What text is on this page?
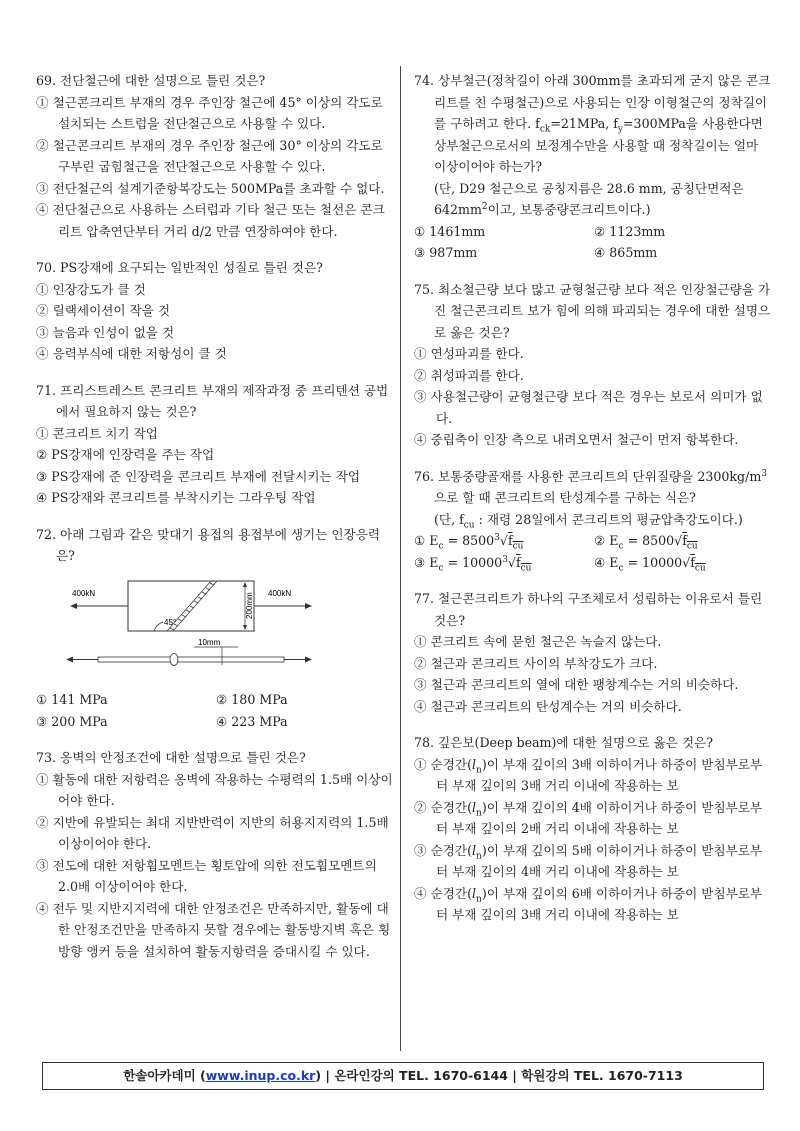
69. 전단철근에 대한 설명으로 틀린 것은?
① 철근콘크리트 부재의 경우 주인장 철근에 45° 이상의 각도로 설치되는 스트럽을 전단철근으로 사용할 수 있다.
② 철근콘크리트 부재의 경우 주인장 철근에 30° 이상의 각도로 구부린 굽힘철근을 전단철근으로 사용할 수 있다.
③ 전단철근의 설계기준항복강도는 500MPa를 초과할 수 없다.
④ 전단철근으로 사용하는 스터럽과 기타 철근 또는 철선은 콘크리트 압축연단부터 거리 d/2 만큼 연장하여야 한다.
70. PS강재에 요구되는 일반적인 성질로 틀린 것은?
① 인장강도가 클 것
② 릴랙세이션이 작을 것
③ 늘음과 인성이 없을 것
④ 응력부식에 대한 저항성이 클 것
71. 프리스트레스트 콘크리트 부재의 제작과정 중 프리텐션 공법에서 필요하지 않는 것은?
① 콘크리트 치기 작업
② PS강재에 인장력을 주는 작업
③ PS강재에 준 인장력을 콘크리트 부재에 전달시키는 작업
④ PS강재와 콘크리트를 부착시키는 그라우팅 작업
72. 아래 그림과 같은 맞대기 용접의 용접부에 생기는 인장응력은?
45°
400kN	400kN
200mm
10mm
① 141 MPa	② 180 MPa
③ 200 MPa	④ 223 MPa
73. 옹벽의 안정조건에 대한 설명으로 틀린 것은?
① 활동에 대한 저항력은 옹벽에 작용하는 수평력의 1.5배 이상이어야 한다.
② 지반에 유발되는 최대 지반반력이 지반의 허용지지력의 1.5배 이상이어야 한다.
③ 전도에 대한 저항휨모멘트는 횡토압에 의한 전도휨모멘트의 2.0배 이상이어야 한다.
④ 전두 및 지반지지력에 대한 안정조건은 만족하지만, 활동에 대한 안정조건만을 만족하지 못할 경우에는 활동방지벽 혹은 횡방향 앵커 등을 설치하여 활동지항력을 증대시킬 수 있다.
74. 상부철근(정착길이 아래 300mm를 초과되게 굳지 않은 콘크리트를 친 수평철근)으로 사용되는 인장 이형철근의 정착길이를 구하려고 한다. $f_{ck}=21MPa$, $f_y=300MPa$을 사용한다면 상부철근으로서의 보정계수만을 사용할 때 정착길이는 얼마 이상이어야 하는가?
(단, D29 철근으로 공칭지름은 28.6 mm, 공칭단면적은 $642mm^2$이고, 보통중량콘크리트이다.)
① 1461mm	② 1123mm
③ 987mm	④ 865mm
75. 최소철근량 보다 많고 균형철근량 보다 적은 인장철근량을 가진 철근콘크리트 보가 힘에 의해 파괴되는 경우에 대한 설명으로 옳은 것은?
① 연성파괴를 한다.
② 취성파괴를 한다.
③ 사용철근량이 균형철근량 보다 적은 경우는 보로서 의미가 없다.
④ 중립축이 인장 측으로 내려오면서 철근이 먼저 항복한다.
76. 보통중량골재를 사용한 콘크리트의 단위질량을 $2300kg/m^3$으로 할 때 콘크리트의 탄성계수를 구하는 식은?
(단, $f_{cu}$ : 재령 28일에서 콘크리트의 평균압축강도이다.)
① $E_c = 8500^3√f_{cu}$	② $E_c = 8500√f_{cu}$
③ $E_c = 10000^3√f_{cu}$	④ $E_c = 10000√f_{cu}$
77. 철근콘크리트가 하나의 구조체로서 성립하는 이유로서 틀린 것은?
① 콘크리트 속에 묻힌 철근은 녹슬지 않는다.
② 철근과 콘크리트 사이의 부착강도가 크다.
③ 철근과 콘크리트의 열에 대한 팽창계수는 거의 비슷하다.
④ 철근과 콘크리트의 탄성계수는 거의 비슷하다.
78. 깊은보(Deep beam)에 대한 설명으로 옳은 것은?
① 순경간$(l_n)$이 부재 깊이의 3배 이하이거나 하중이 받침부로부터 부재 깊이의 3배 거리 이내에 작용하는 보
② 순경간$(l_n)$이 부재 깊이의 4배 이하이거나 하중이 받침부로부터 부재 깊이의 2배 거리 이내에 작용하는 보
③ 순경간$(l_n)$이 부재 깊이의 5배 이하이거나 하중이 받침부로부터 부재 깊이의 4배 거리 이내에 작용하는 보
④ 순경간$(l_n)$이 부재 깊이의 6배 이하이거나 하중이 받침부로부터 부재 깊이의 3배 거리 이내에 작용하는 보
한솔아카데미 (www.inup.co.kr) | 온라인강의 TEL. 1670-6144 | 학원강의 TEL. 1670-7113
